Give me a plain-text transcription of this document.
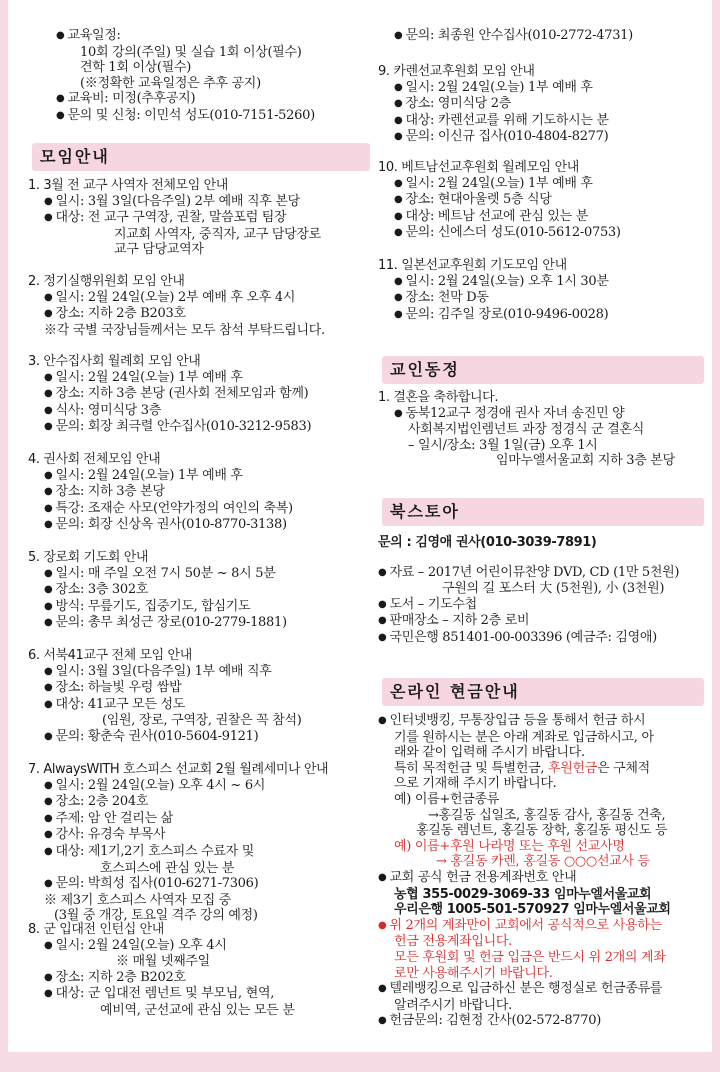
● 교육일정:
10회 강의(주일) 및 실습 1회 이상(필수)
견학 1회 이상(필수)
(※정확한 교육일정은 추후 공지)
● 교육비: 미정(추후공지)
● 문의 및 신청: 이민석 성도(010-7151-5260)
모임안내
1. 3월 전 교구 사역자 전체모임 안내
● 일시: 3월 3일(다음주일) 2부 예배 직후 본당
● 대상: 전 교구 구역장, 권찰, 말씀포럼 팀장
지교회 사역자, 중직자, 교구 담당장로
교구 담당교역자
2. 정기실행위원회 모임 안내
● 일시: 2월 24일(오늘) 2부 예배 후 오후 4시
● 장소: 지하 2층 B203호
※각 국별 국장님들께서는 모두 참석 부탁드립니다.
3. 안수집사회 월례회 모임 안내
● 일시: 2월 24일(오늘) 1부 예배 후
● 장소: 지하 3층 본당 (권사회 전체모임과 함께)
● 식사: 영미식당 3층
● 문의: 회장 최극렬 안수집사(010-3212-9583)
4. 권사회 전체모임 안내
● 일시: 2월 24일(오늘) 1부 예배 후
● 장소: 지하 3층 본당
● 특강: 조재순 사모(언약가정의 여인의 축복)
● 문의: 회장 신상옥 권사(010-8770-3138)
5. 장로회 기도회 안내
● 일시: 매 주일 오전 7시 50분 ~ 8시 5분
● 장소: 3층 302호
● 방식: 무릎기도, 집중기도, 합심기도
● 문의: 총무 최성근 장로(010-2779-1881)
6. 서북41교구 전체 모임 안내
● 일시: 3월 3일(다음주일) 1부 예배 직후
● 장소: 하늘빛 우렁 쌈밥
● 대상: 41교구 모든 성도
(임원, 장로, 구역장, 권찰은 꼭 참석)
● 문의: 황춘숙 권사(010-5604-9121)
7. AlwaysWITH 호스피스 선교회 2월 월례세미나 안내
● 일시: 2월 24일(오늘) 오후 4시 ~ 6시
● 장소: 2층 204호
● 주제: 암 안 걸리는 삶
● 강사: 유경숙 부목사
● 대상: 제1기,2기 호스피스 수료자 및
호스피스에 관심 있는 분
● 문의: 박희성 집사(010-6271-7306)
※ 제3기 호스피스 사역자 모집 중
(3월 중 개강, 토요일 격주 강의 예정)
8. 군 입대전 인턴십 안내
● 일시: 2월 24일(오늘) 오후 4시
※ 매월 넷째주일
● 장소: 지하 2층 B202호
● 대상: 군 입대전 렘넌트 및 부모님, 현역,
예비역, 군선교에 관심 있는 모든 분
● 문의: 최종원 안수집사(010-2772-4731)
9. 카렌선교후원회 모임 안내
● 일시: 2월 24일(오늘) 1부 예배 후
● 장소: 영미식당 2층
● 대상: 카렌선교를 위해 기도하시는 분
● 문의: 이신규 집사(010-4804-8277)
10. 베트남선교후원회 월례모임 안내
● 일시: 2월 24일(오늘) 1부 예배 후
● 장소: 현대아울렛 5층 식당
● 대상: 베트남 선교에 관심 있는 분
● 문의: 신에스더 성도(010-5612-0753)
11. 일본선교후원회 기도모임 안내
● 일시: 2월 24일(오늘) 오후 1시 30분
● 장소: 천막 D동
● 문의: 김주일 장로(010-9496-0028)
교인동정
1. 결혼을 축하합니다.
● 동북12교구 정경애 권사 자녀 송진민 양
사회복지법인렘넌트 과장 정경식 군 결혼식
– 일시/장소: 3월 1일(금) 오후 1시
임마누엘서울교회 지하 3층 본당
북스토아
문의 : 김영애 권사(010-3039-7891)
● 자료 – 2017년 어린이뮤찬양 DVD, CD (1만 5천원)
구원의 길 포스터 大 (5천원), 小 (3천원)
● 도서 – 기도수첩
● 판매장소 – 지하 2층 로비
● 국민은행 851401-00-003396 (예금주: 김영애)
온라인 현금안내
● 인터넷뱅킹, 무통장입금 등을 통해서 헌금 하시
기를 원하시는 분은 아래 계좌로 입금하시고, 아
래와 같이 입력해 주시기 바랍니다.
특히 목적헌금 및 특별헌금, 후원헌금은 구체적
으로 기재해 주시기 바랍니다.
예) 이름+헌금종류
→홍길동 십일조, 홍길동 감사, 홍길동 건축,
홍길동 렘넌트, 홍길동 장학, 홍길동 평신도 등
예) 이름+후원 나라명 또는 후원 선교사명
→ 홍길동 카렌, 홍길동 ○○○선교사 등
● 교회 공식 헌금 전용계좌번호 안내
농협 355-0029-3069-33 임마누엘서울교회
우리은행 1005-501-570927 임마누엘서울교회
● 위 2개의 계좌만이 교회에서 공식적으로 사용하는
헌금 전용계좌입니다.
모든 후원회 및 헌금 입금은 반드시 위 2개의 계좌
로만 사용해주시기 바랍니다.
● 텔레뱅킹으로 입금하신 분은 행정실로 헌금종류를
알려주시기 바랍니다.
● 헌금문의: 김현정 간사(02-572-8770)
